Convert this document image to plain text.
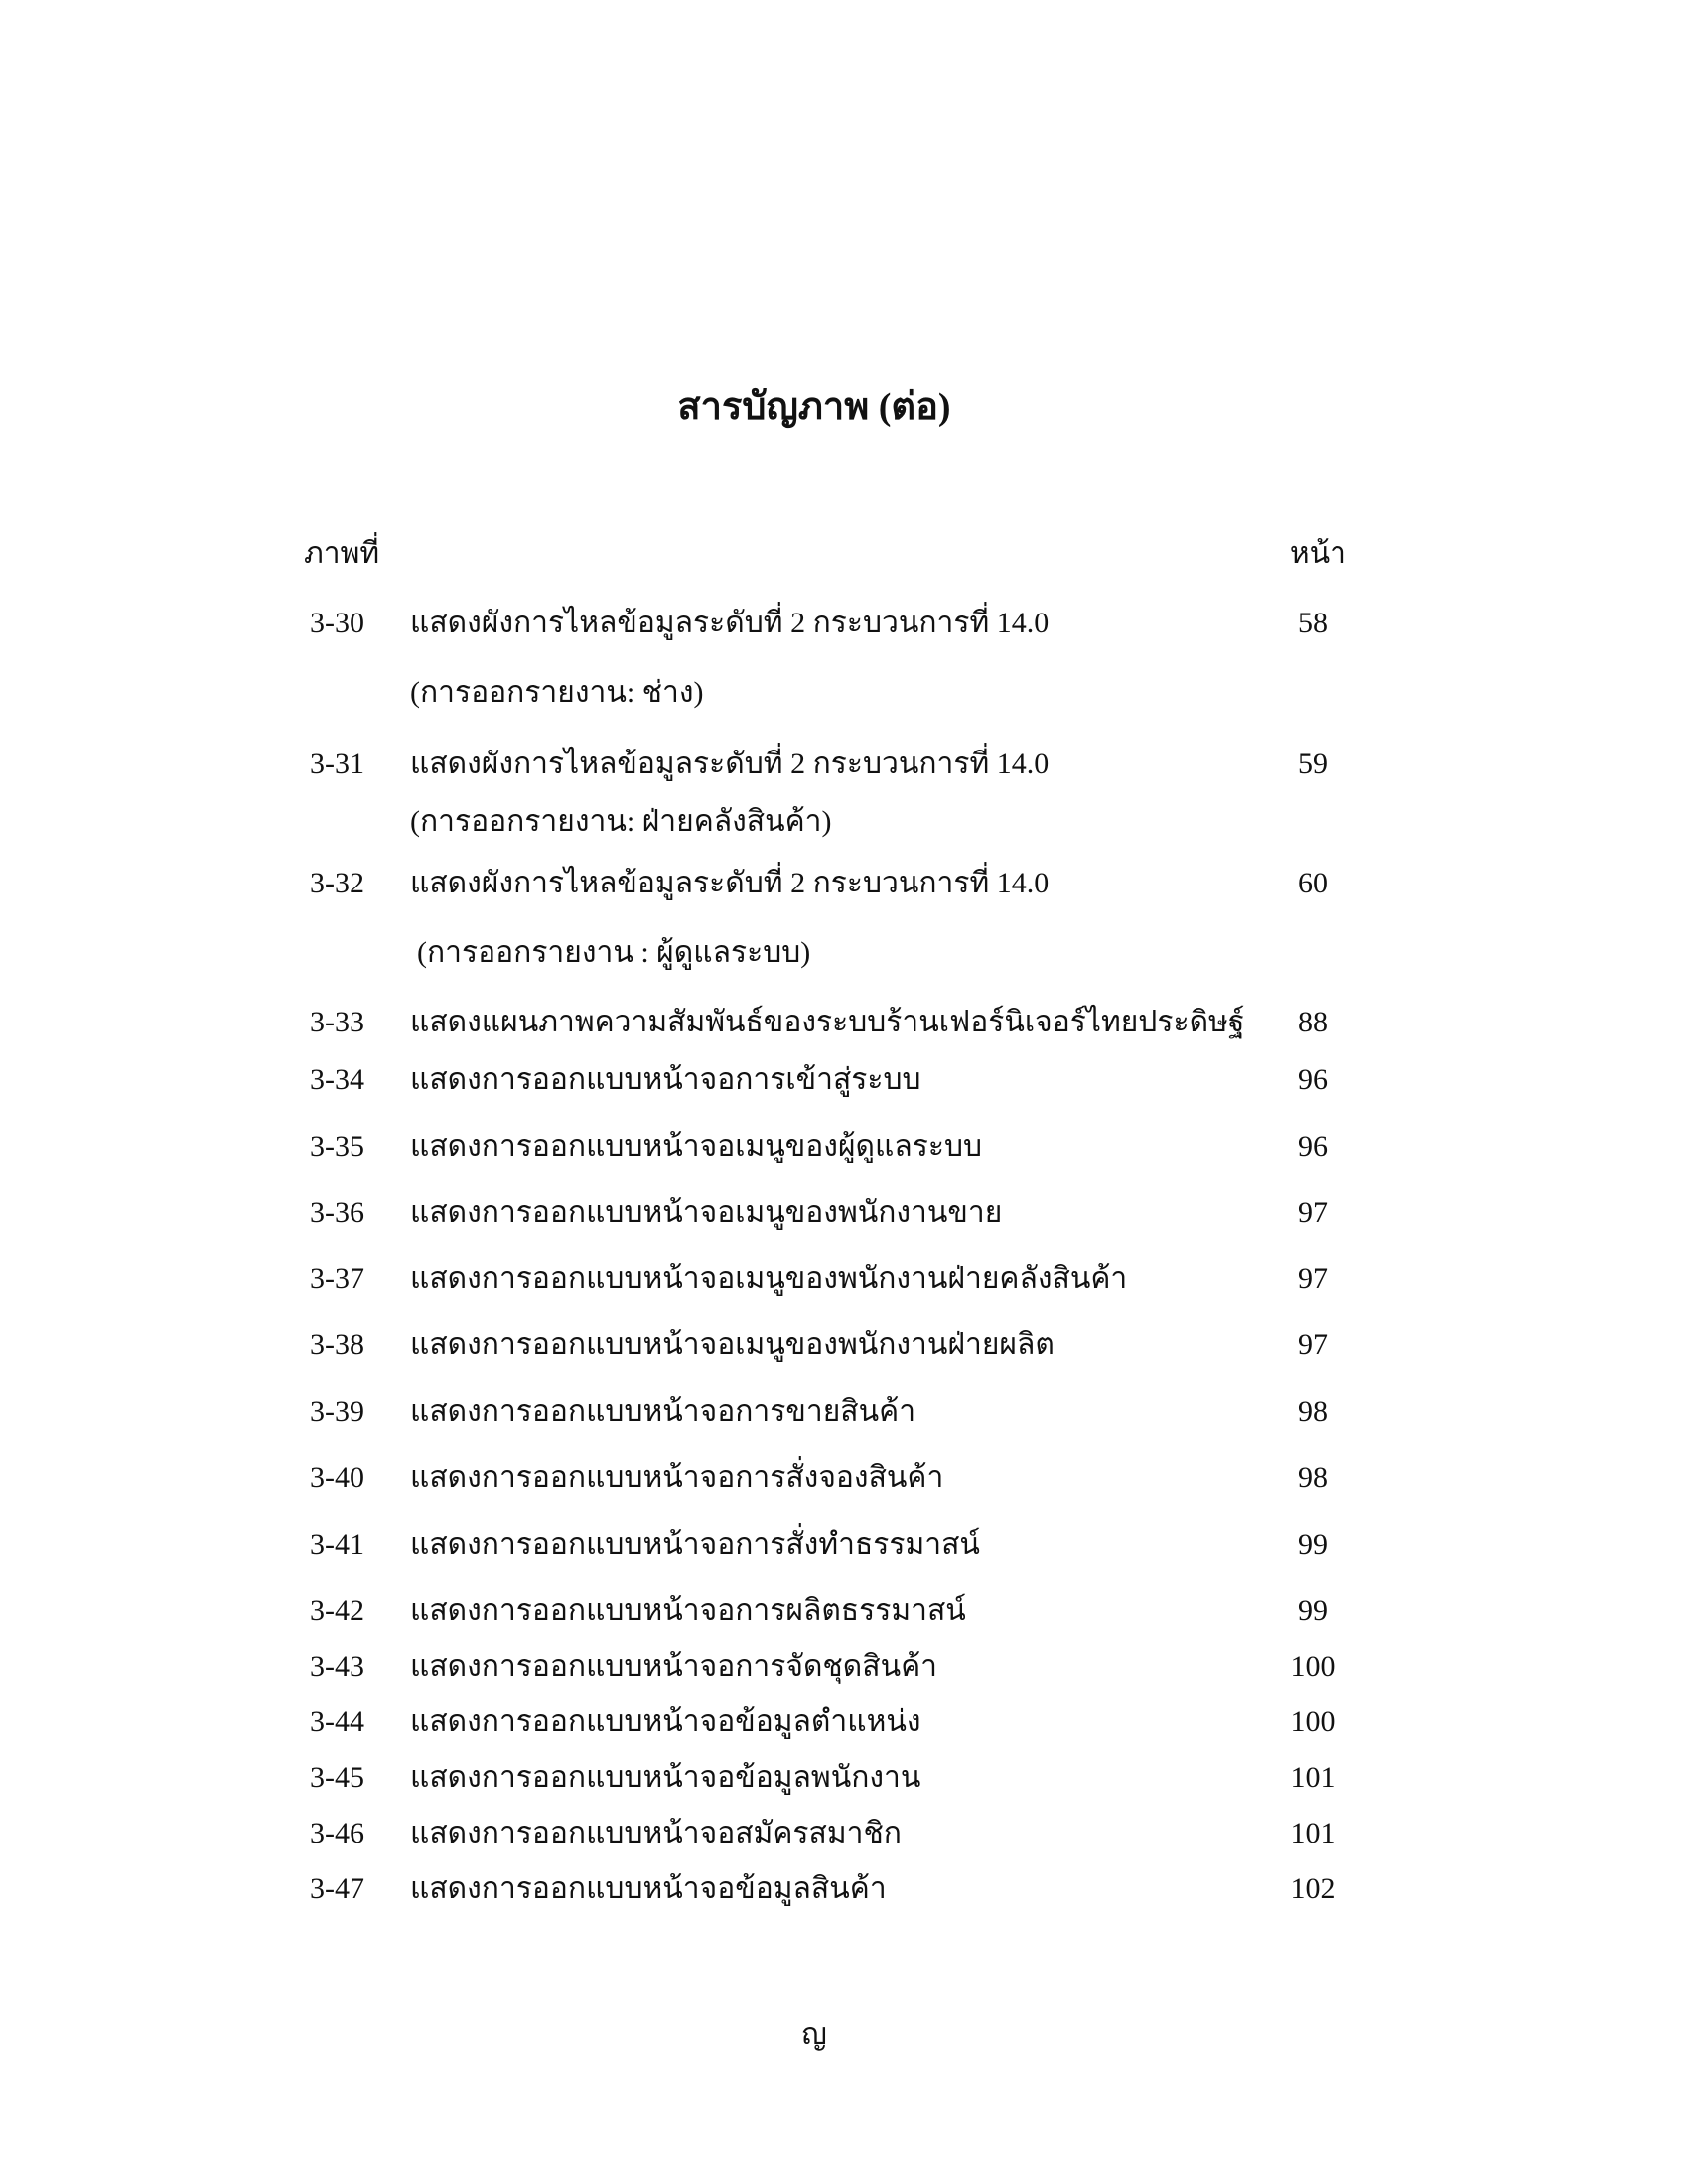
สารบัญภาพ (ต่อ)
ภาพที่	หน้า
3-30	แสดงผังการไหลข้อมูลระดับที่ 2 กระบวนการที่ 14.0	58
(การออกรายงาน: ช่าง)
3-31	แสดงผังการไหลข้อมูลระดับที่ 2 กระบวนการที่ 14.0	59
(การออกรายงาน: ฝ่ายคลังสินค้า)
3-32	แสดงผังการไหลข้อมูลระดับที่ 2 กระบวนการที่ 14.0	60
(การออกรายงาน : ผู้ดูแลระบบ)
3-33	แสดงแผนภาพความสัมพันธ์ของระบบร้านเฟอร์นิเจอร์ไทยประดิษฐ์	88
3-34	แสดงการออกแบบหน้าจอการเข้าสู่ระบบ	96
3-35	แสดงการออกแบบหน้าจอเมนูของผู้ดูแลระบบ	96
3-36	แสดงการออกแบบหน้าจอเมนูของพนักงานขาย	97
3-37	แสดงการออกแบบหน้าจอเมนูของพนักงานฝ่ายคลังสินค้า	97
3-38	แสดงการออกแบบหน้าจอเมนูของพนักงานฝ่ายผลิต	97
3-39	แสดงการออกแบบหน้าจอการขายสินค้า	98
3-40	แสดงการออกแบบหน้าจอการสั่งจองสินค้า	98
3-41	แสดงการออกแบบหน้าจอการสั่งทำธรรมาสน์	99
3-42	แสดงการออกแบบหน้าจอการผลิตธรรมาสน์	99
3-43	แสดงการออกแบบหน้าจอการจัดชุดสินค้า	100
3-44	แสดงการออกแบบหน้าจอข้อมูลตำแหน่ง	100
3-45	แสดงการออกแบบหน้าจอข้อมูลพนักงาน	101
3-46	แสดงการออกแบบหน้าจอสมัครสมาชิก	101
3-47	แสดงการออกแบบหน้าจอข้อมูลสินค้า	102
ญ
